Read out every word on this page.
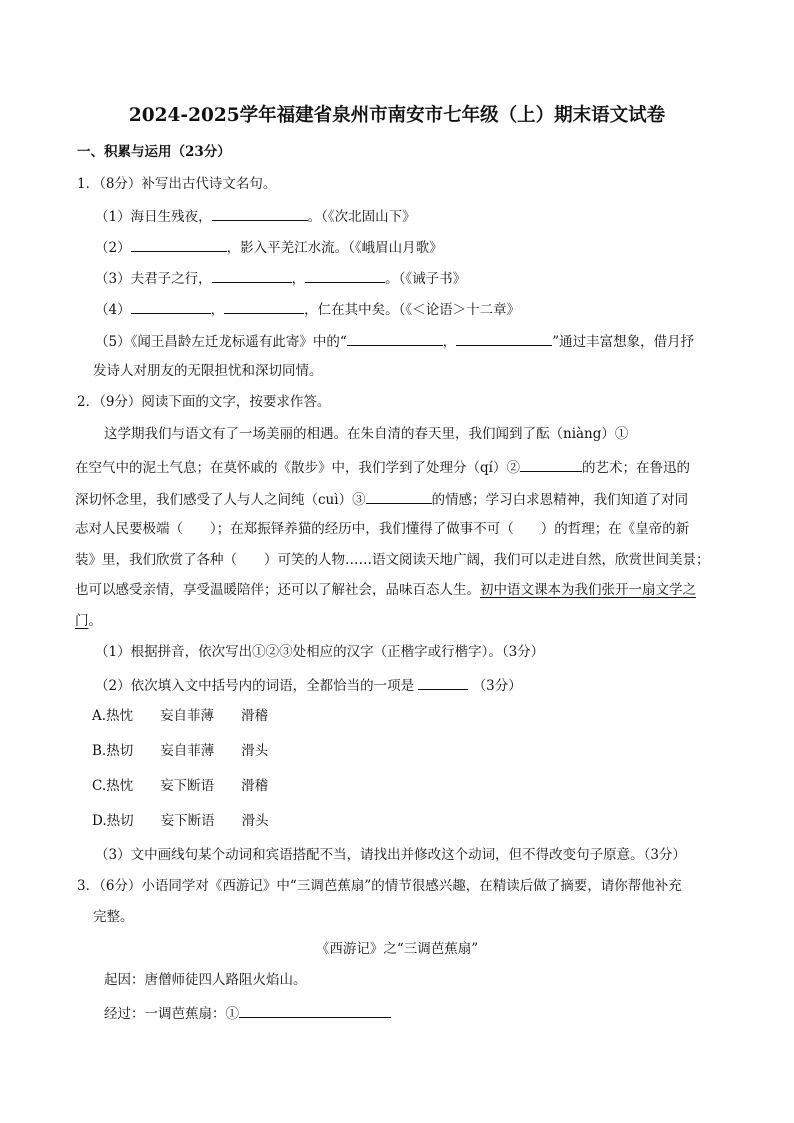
2024-2025学年福建省泉州市南安市七年级（上）期末语文试卷
一、积累与运用（23分）
1．（8分）补写出古代诗文名句。
（1）海日生残夜，	。（《次北固山下》
（2）	，影入平羌江水流。（《峨眉山月歌》
（3）夫君子之行，	，	。（《诫子书》
（4）	，	，仁在其中矣。（《＜论语＞十二章》
（5）《闻王昌龄左迁龙标遥有此寄》中的“	，	”通过丰富想象，借月抒
发诗人对朋友的无限担忧和深切同情。
2．（9分）阅读下面的文字，按要求作答。
这学期我们与语文有了一场美丽的相遇。在朱自清的春天里，我们闻到了酝（niàng）①
在空气中的泥土气息；在莫怀戚的《散步》中，我们学到了处理分（qí）②	的艺术；在鲁迅的
深切怀念里，我们感受了人与人之间纯（cuì）③	的情感；学习白求恩精神，我们知道了对同
志对人民要极端（　　）；在郑振铎养猫的经历中，我们懂得了做事不可（　　）的哲理；在《皇帝的新
装》里，我们欣赏了各种（　　）可笑的人物……语文阅读天地广阔，我们可以走进自然，欣赏世间美景；
也可以感受亲情，享受温暖陪伴；还可以了解社会，品味百态人生。初中语文课本为我们张开一扇文学之
门。
（1）根据拼音，依次写出①②③处相应的汉字（正楷字或行楷字）。（3分）
（2）依次填入文中括号内的词语，全都恰当的一项是	（3分）
A.热忱　　妄自菲薄　　滑稽
B.热切　　妄自菲薄　　滑头
C.热忱　　妄下断语　　滑稽
D.热切　　妄下断语　　滑头
（3）文中画线句某个动词和宾语搭配不当，请找出并修改这个动词，但不得改变句子原意。（3分）
3．（6分）小语同学对《西游记》中“三调芭蕉扇”的情节很感兴趣，在精读后做了摘要，请你帮他补充
完整。
《西游记》之“三调芭蕉扇”
起因：唐僧师徒四人路阻火焰山。
经过：一调芭蕉扇：①
